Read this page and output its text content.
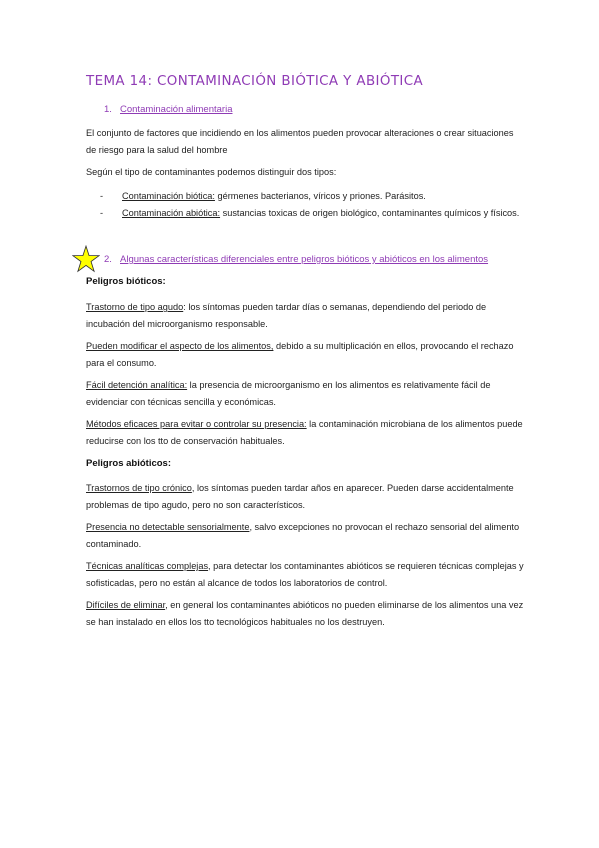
TEMA 14: CONTAMINACIÓN BIÓTICA Y ABIÓTICA
1. Contaminación alimentaria
El conjunto de factores que incidiendo en los alimentos pueden provocar alteraciones o crear situaciones de riesgo para la salud del hombre
Según el tipo de contaminantes podemos distinguir dos tipos:
- Contaminación biótica: gérmenes bacterianos, víricos y priones. Parásitos.
- Contaminación abiótica: sustancias toxicas de origen biológico, contaminantes químicos y físicos.
2. Algunas características diferenciales entre peligros bióticos y abióticos en los alimentos
Peligros bióticos:
Trastorno de tipo agudo: los síntomas pueden tardar días o semanas, dependiendo del periodo de incubación del microorganismo responsable.
Pueden modificar el aspecto de los alimentos, debido a su multiplicación en ellos, provocando el rechazo para el consumo.
Fácil detención analítica: la presencia de microorganismo en los alimentos es relativamente fácil de evidenciar con técnicas sencilla y económicas.
Métodos eficaces para evitar o controlar su presencia: la contaminación microbiana de los alimentos puede reducirse con los tto de conservación habituales.
Peligros abióticos:
Trastornos de tipo crónico, los síntomas pueden tardar años en aparecer. Pueden darse accidentalmente problemas de tipo agudo, pero no son característicos.
Presencia no detectable sensorialmente, salvo excepciones no provocan el rechazo sensorial del alimento contaminado.
Técnicas analíticas complejas, para detectar los contaminantes abióticos se requieren técnicas complejas y sofisticadas, pero no están al alcance de todos los laboratorios de control.
Difíciles de eliminar, en general los contaminantes abióticos no pueden eliminarse de los alimentos una vez se han instalado en ellos los tto tecnológicos habituales no los destruyen.
